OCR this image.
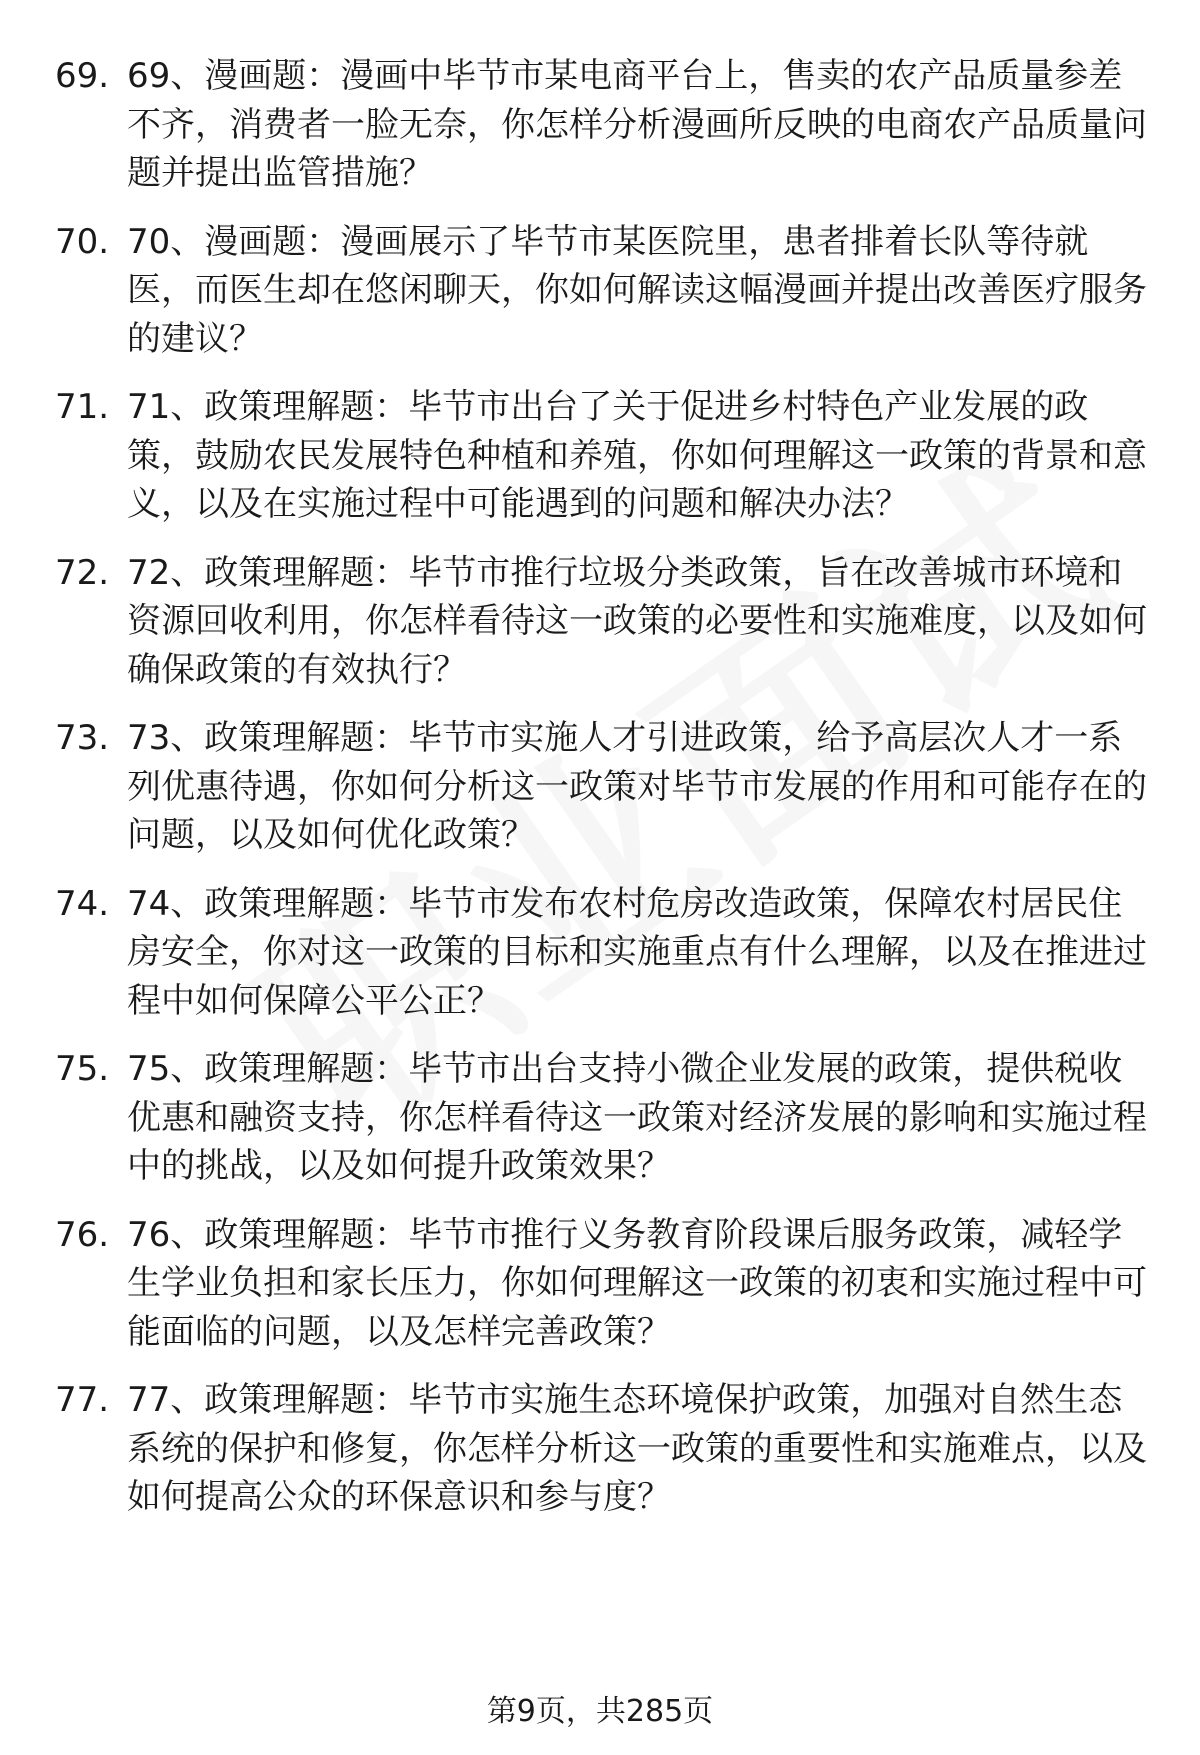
69. 69、漫画题：漫画中毕节市某电商平台上，售卖的农产品质量参差不齐，消费者一脸无奈，你怎样分析漫画所反映的电商农产品质量问题并提出监管措施？
70. 70、漫画题：漫画展示了毕节市某医院里，患者排着长队等待就医，而医生却在悠闲聊天，你如何解读这幅漫画并提出改善医疗服务的建议？
71. 71、政策理解题：毕节市出台了关于促进乡村特色产业发展的政策，鼓励农民发展特色种植和养殖，你如何理解这一政策的背景和意义，以及在实施过程中可能遇到的问题和解决办法？
72. 72、政策理解题：毕节市推行垃圾分类政策，旨在改善城市环境和资源回收利用，你怎样看待这一政策的必要性和实施难度，以及如何确保政策的有效执行？
73. 73、政策理解题：毕节市实施人才引进政策，给予高层次人才一系列优惠待遇，你如何分析这一政策对毕节市发展的作用和可能存在的问题，以及如何优化政策？
74. 74、政策理解题：毕节市发布农村危房改造政策，保障农村居民住房安全，你对这一政策的目标和实施重点有什么理解，以及在推进过程中如何保障公平公正？
75. 75、政策理解题：毕节市出台支持小微企业发展的政策，提供税收优惠和融资支持，你怎样看待这一政策对经济发展的影响和实施过程中的挑战，以及如何提升政策效果？
76. 76、政策理解题：毕节市推行义务教育阶段课后服务政策，减轻学生学业负担和家长压力，你如何理解这一政策的初衷和实施过程中可能面临的问题，以及怎样完善政策？
77. 77、政策理解题：毕节市实施生态环境保护政策，加强对自然生态系统的保护和修复，你怎样分析这一政策的重要性和实施难点，以及如何提高公众的环保意识和参与度？
第9页，共285页
